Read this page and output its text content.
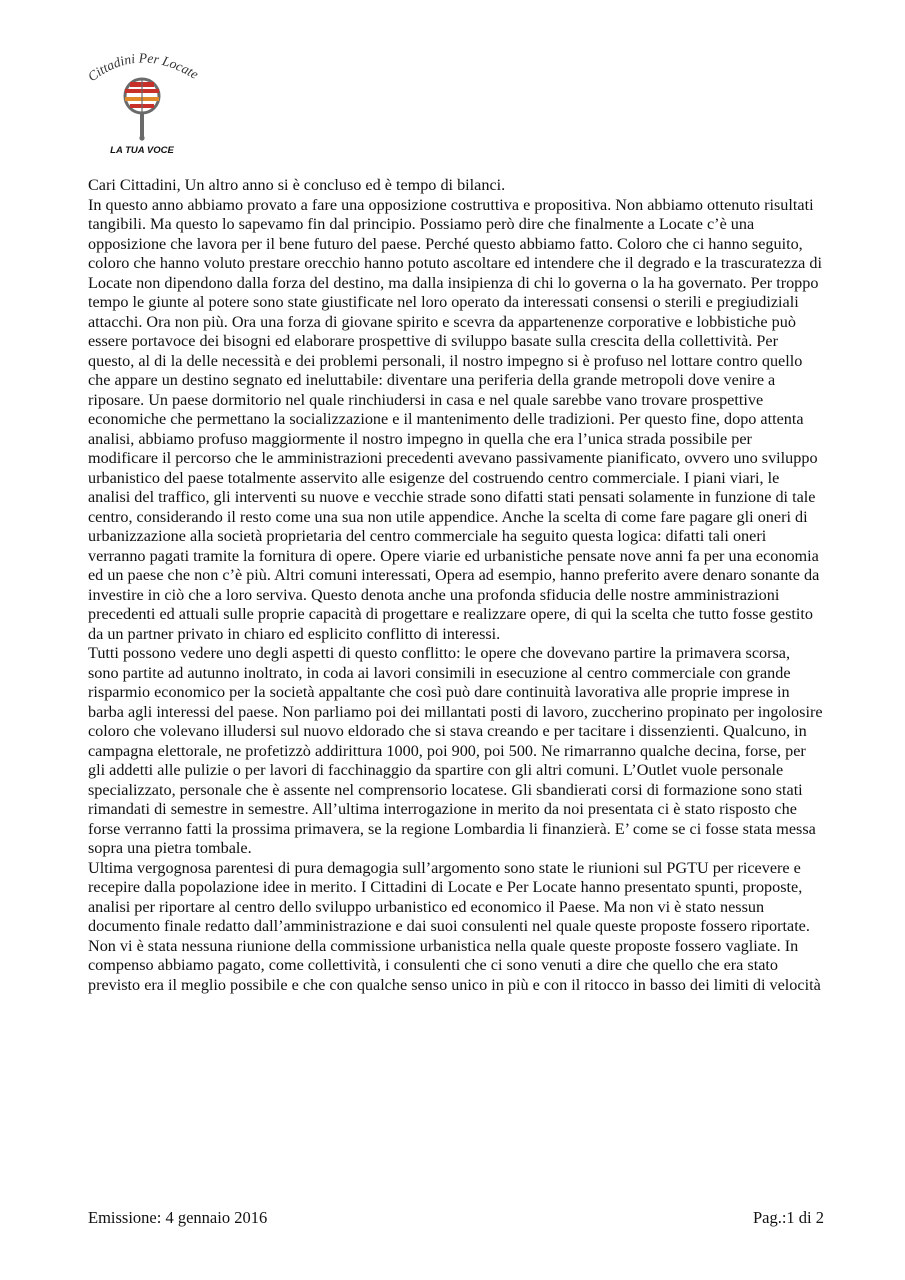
Cittadini Per Locate
LA TUA VOCE

Cari Cittadini, Un altro anno si è concluso ed è tempo di bilanci.

In questo anno abbiamo provato a fare una opposizione costruttiva e propositiva. Non abbiamo ottenuto risultati tangibili. Ma questo lo sapevamo fin dal principio. Possiamo però dire che finalmente a Locate c’è una opposizione che lavora per il bene futuro del paese. Perché questo abbiamo fatto. Coloro che ci hanno seguito, coloro che hanno voluto prestare orecchio hanno potuto ascoltare ed intendere che il degrado e la trascuratezza di Locate non dipendono dalla forza del destino, ma dalla insipienza di chi lo governa o la ha governato. Per troppo tempo le giunte al potere sono state giustificate nel loro operato da interessati consensi o sterili e pregiudiziali attacchi. Ora non più. Ora una forza di giovane spirito e scevra da appartenenze corporative e lobbistiche può essere portavoce dei bisogni ed elaborare prospettive di sviluppo basate sulla crescita della collettività. Per questo, al di la delle necessità e dei problemi personali, il nostro impegno si è profuso nel lottare contro quello che appare un destino segnato ed ineluttabile: diventare una periferia della grande metropoli dove venire a riposare. Un paese dormitorio nel quale rinchiudersi in casa e nel quale sarebbe vano trovare prospettive economiche che permettano la socializzazione e il mantenimento delle tradizioni. Per questo fine, dopo attenta analisi, abbiamo profuso maggiormente il nostro impegno in quella che era l’unica strada possibile per modificare il percorso che le amministrazioni precedenti avevano passivamente pianificato, ovvero uno sviluppo urbanistico del paese totalmente asservito alle esigenze del costruendo centro commerciale. I piani viari, le analisi del traffico, gli interventi su nuove e vecchie strade sono difatti stati pensati solamente in funzione di tale centro, considerando il resto come una sua non utile appendice. Anche la scelta di come fare pagare gli oneri di urbanizzazione alla società proprietaria del centro commerciale ha seguito questa logica: difatti tali oneri verranno pagati tramite la fornitura di opere. Opere viarie ed urbanistiche pensate nove anni fa per una economia ed un paese che non c’è più. Altri comuni interessati, Opera ad esempio, hanno preferito avere denaro sonante da investire in ciò che a loro serviva. Questo denota anche una profonda sfiducia delle nostre amministrazioni precedenti ed attuali sulle proprie capacità di progettare e realizzare opere, di qui la scelta che tutto fosse gestito da un partner privato in chiaro ed esplicito conflitto di interessi.

Tutti possono vedere uno degli aspetti di questo conflitto: le opere che dovevano partire la primavera scorsa, sono partite ad autunno inoltrato, in coda ai lavori consimili in esecuzione al centro commerciale con grande risparmio economico per la società appaltante che così può dare continuità lavorativa alle proprie imprese in barba agli interessi del paese. Non parliamo poi dei millantati posti di lavoro, zuccherino propinato per ingolosire coloro che volevano illudersi sul nuovo eldorado che si stava creando e per tacitare i dissenzienti. Qualcuno, in campagna elettorale, ne profetizzò addirittura 1000, poi 900, poi 500. Ne rimarranno qualche decina, forse, per gli addetti alle pulizie o per lavori di facchinaggio da spartire con gli altri comuni. L’Outlet vuole personale specializzato, personale che è assente nel comprensorio locatese. Gli sbandierati corsi di formazione sono stati rimandati di semestre in semestre. All’ultima interrogazione in merito da noi presentata ci è stato risposto che forse verranno fatti la prossima primavera, se la regione Lombardia li finanzierà. E’ come se ci fosse stata messa sopra una pietra tombale.

Ultima vergognosa parentesi di pura demagogia sull’argomento sono state le riunioni sul PGTU per ricevere e recepire dalla popolazione idee in merito. I Cittadini di Locate e Per Locate hanno presentato spunti, proposte, analisi per riportare al centro dello sviluppo urbanistico ed economico il Paese. Ma non vi è stato nessun documento finale redatto dall’amministrazione e dai suoi consulenti nel quale queste proposte fossero riportate. Non vi è stata nessuna riunione della commissione urbanistica nella quale queste proposte fossero vagliate. In compenso abbiamo pagato, come collettività, i consulenti che ci sono venuti a dire che quello che era stato previsto era il meglio possibile e che con qualche senso unico in più e con il ritocco in basso dei limiti di velocità

Emissione: 4 gennaio 2016	Pag.:1 di 2
